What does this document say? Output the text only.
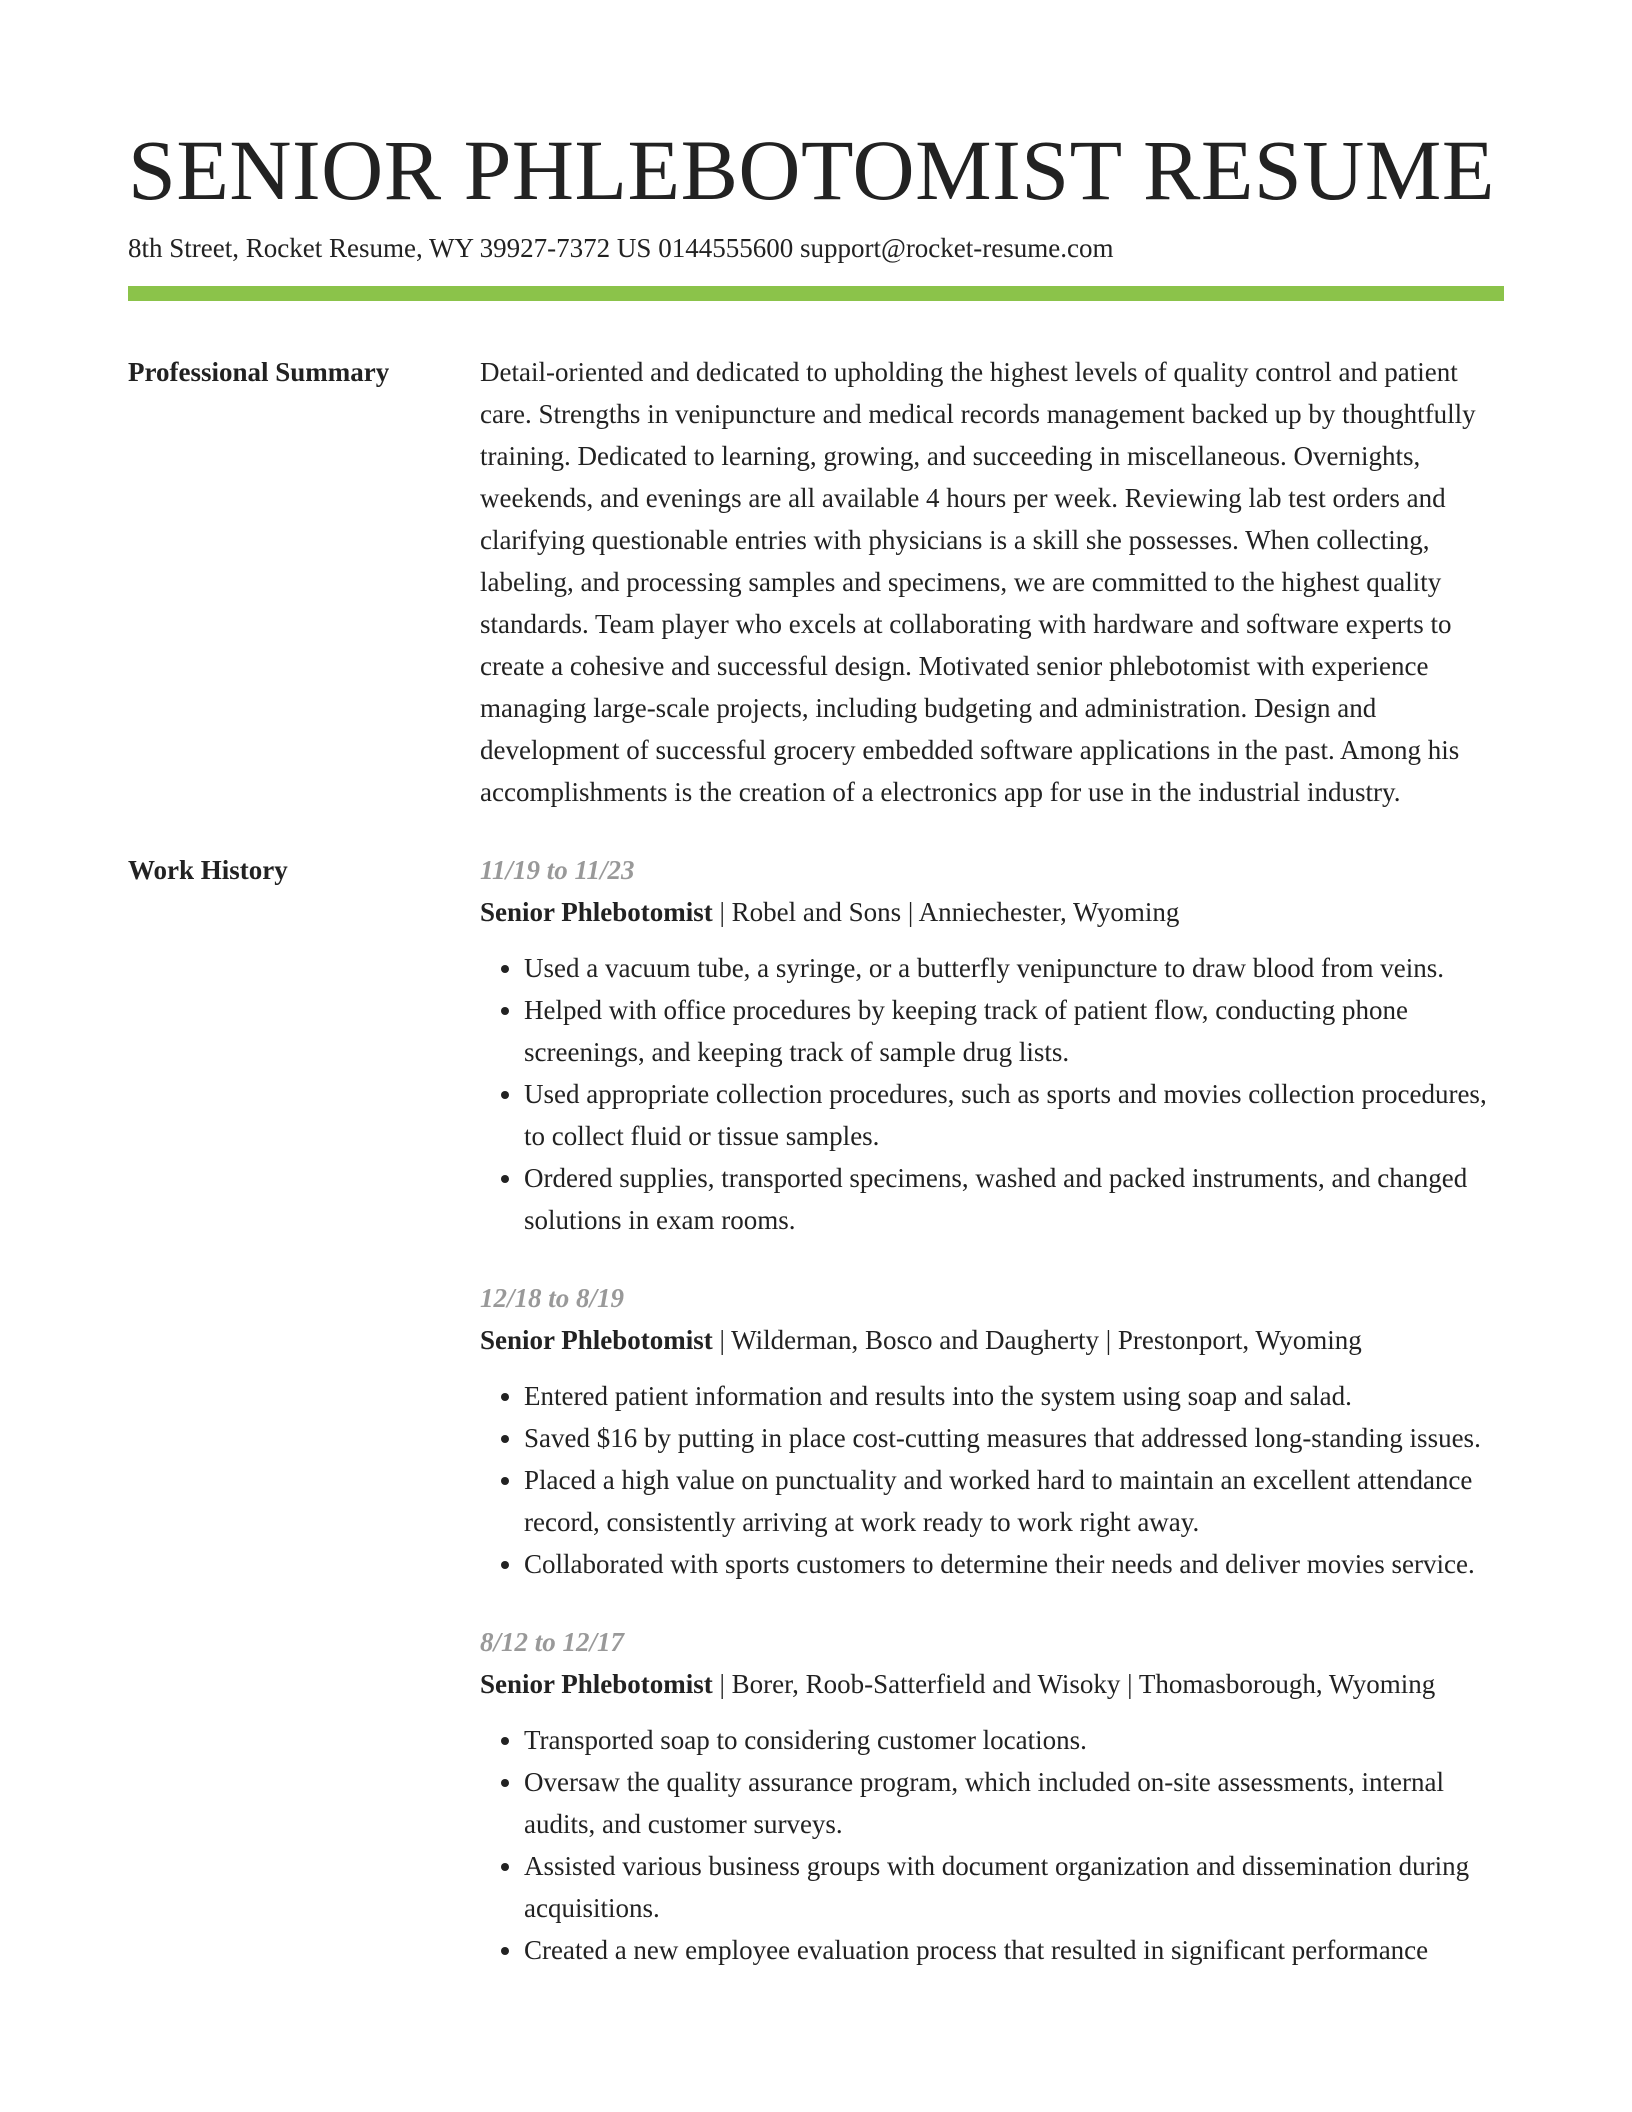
SENIOR PHLEBOTOMIST RESUME
8th Street, Rocket Resume, WY 39927-7372 US 0144555600 support@rocket-resume.com
Professional Summary	Detail-oriented and dedicated to upholding the highest levels of quality control and patient care. Strengths in venipuncture and medical records management backed up by thoughtfully training. Dedicated to learning, growing, and succeeding in miscellaneous. Overnights, weekends, and evenings are all available 4 hours per week. Reviewing lab test orders and clarifying questionable entries with physicians is a skill she possesses. When collecting, labeling, and processing samples and specimens, we are committed to the highest quality standards. Team player who excels at collaborating with hardware and software experts to create a cohesive and successful design. Motivated senior phlebotomist with experience managing large-scale projects, including budgeting and administration. Design and development of successful grocery embedded software applications in the past. Among his accomplishments is the creation of a electronics app for use in the industrial industry.

Work History	11/19 to 11/23
Senior Phlebotomist | Robel and Sons | Anniechester, Wyoming
• Used a vacuum tube, a syringe, or a butterfly venipuncture to draw blood from veins.
• Helped with office procedures by keeping track of patient flow, conducting phone screenings, and keeping track of sample drug lists.
• Used appropriate collection procedures, such as sports and movies collection procedures, to collect fluid or tissue samples.
• Ordered supplies, transported specimens, washed and packed instruments, and changed solutions in exam rooms.
12/18 to 8/19
Senior Phlebotomist | Wilderman, Bosco and Daugherty | Prestonport, Wyoming
• Entered patient information and results into the system using soap and salad.
• Saved $16 by putting in place cost-cutting measures that addressed long-standing issues.
• Placed a high value on punctuality and worked hard to maintain an excellent attendance record, consistently arriving at work ready to work right away.
• Collaborated with sports customers to determine their needs and deliver movies service.
8/12 to 12/17
Senior Phlebotomist | Borer, Roob-Satterfield and Wisoky | Thomasborough, Wyoming
• Transported soap to considering customer locations.
• Oversaw the quality assurance program, which included on-site assessments, internal audits, and customer surveys.
• Assisted various business groups with document organization and dissemination during acquisitions.
• Created a new employee evaluation process that resulted in significant performance
